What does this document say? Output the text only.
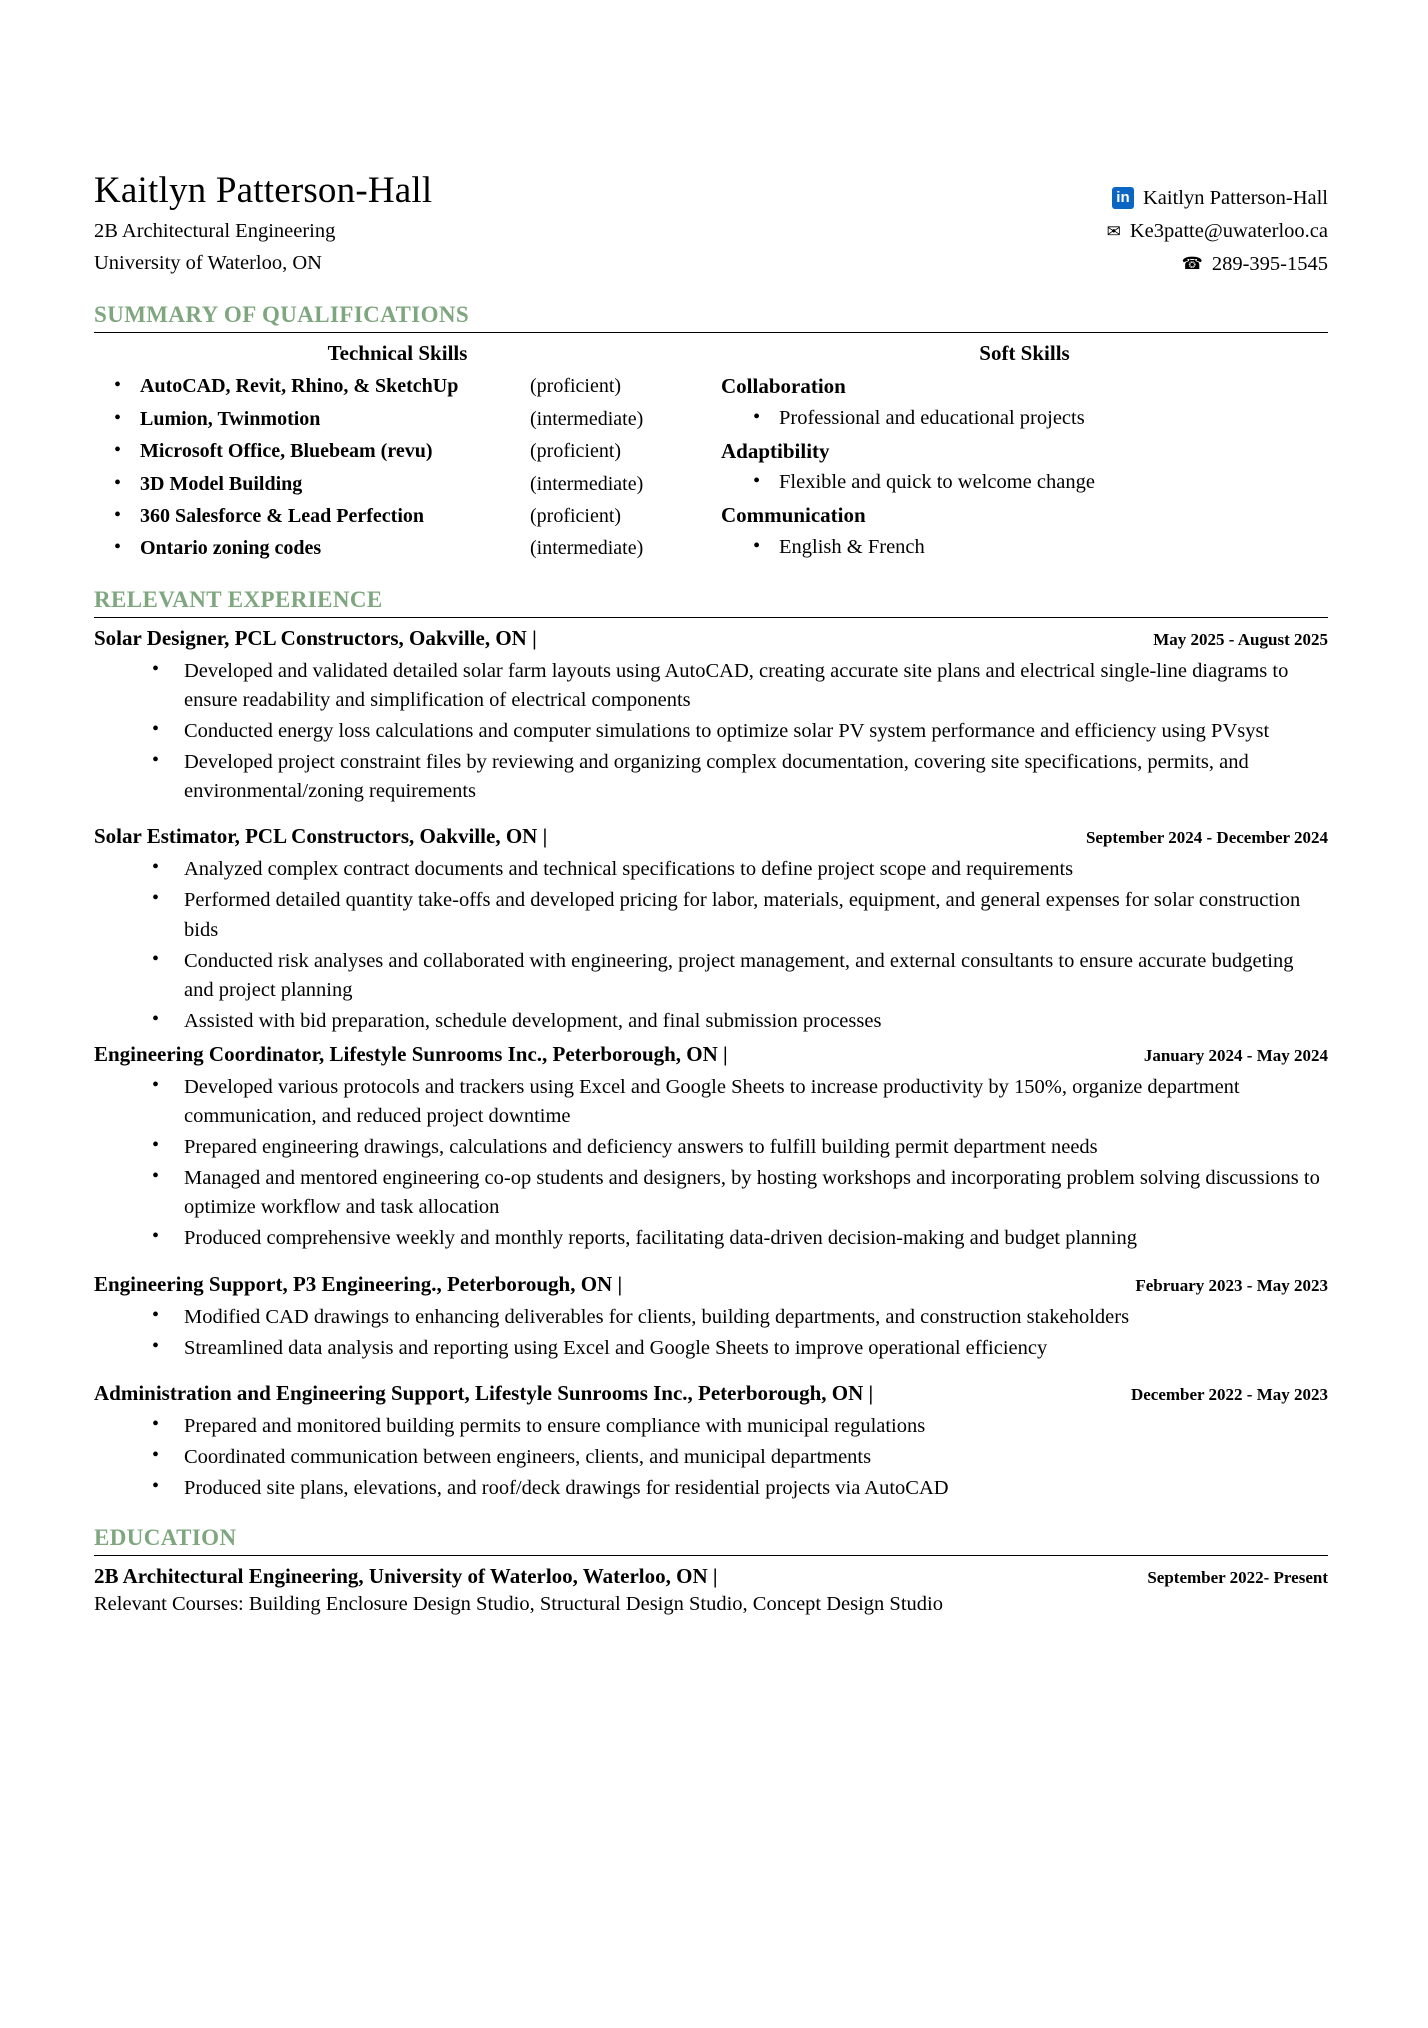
Kaitlyn Patterson-Hall
2B Architectural Engineering
University of Waterloo, ON
in
Kaitlyn Patterson-Hall
✉ Ke3patte@uwaterloo.ca
☎ 289-395-1545
SUMMARY OF QUALIFICATIONS
Technical Skills
• AutoCAD, Revit, Rhino, & SketchUp	(proficient)
• Lumion, Twinmotion	(intermediate)
• Microsoft Office, Bluebeam (revu)	(proficient)
• 3D Model Building	(intermediate)
• 360 Salesforce & Lead Perfection	(proficient)
• Ontario zoning codes	(intermediate)
Soft Skills
Collaboration
• Professional and educational projects
Adaptibility
• Flexible and quick to welcome change
Communication
• English & French
RELEVANT EXPERIENCE
Solar Designer, PCL Constructors, Oakville, ON |	May 2025 - August 2025
• Developed and validated detailed solar farm layouts using AutoCAD, creating accurate site plans and electrical single-line diagrams to ensure readability and simplification of electrical components
• Conducted energy loss calculations and computer simulations to optimize solar PV system performance and efficiency using PVsyst
• Developed project constraint files by reviewing and organizing complex documentation, covering site specifications, permits, and environmental/zoning requirements
Solar Estimator, PCL Constructors, Oakville, ON |	September 2024 - December 2024
• Analyzed complex contract documents and technical specifications to define project scope and requirements
• Performed detailed quantity take-offs and developed pricing for labor, materials, equipment, and general expenses for solar construction bids
• Conducted risk analyses and collaborated with engineering, project management, and external consultants to ensure accurate budgeting and project planning
• Assisted with bid preparation, schedule development, and final submission processes
Engineering Coordinator, Lifestyle Sunrooms Inc., Peterborough, ON |	January 2024 - May 2024
• Developed various protocols and trackers using Excel and Google Sheets to increase productivity by 150%, organize department communication, and reduced project downtime
• Prepared engineering drawings, calculations and deficiency answers to fulfill building permit department needs
• Managed and mentored engineering co-op students and designers, by hosting workshops and incorporating problem solving discussions to optimize workflow and task allocation
• Produced comprehensive weekly and monthly reports, facilitating data-driven decision-making and budget planning
Engineering Support, P3 Engineering., Peterborough, ON |	February 2023 - May 2023
• Modified CAD drawings to enhancing deliverables for clients, building departments, and construction stakeholders
• Streamlined data analysis and reporting using Excel and Google Sheets to improve operational efficiency
Administration and Engineering Support, Lifestyle Sunrooms Inc., Peterborough, ON |	December 2022 - May 2023
• Prepared and monitored building permits to ensure compliance with municipal regulations
• Coordinated communication between engineers, clients, and municipal departments
• Produced site plans, elevations, and roof/deck drawings for residential projects via AutoCAD
EDUCATION
2B Architectural Engineering, University of Waterloo, Waterloo, ON |	September 2022- Present
Relevant Courses: Building Enclosure Design Studio, Structural Design Studio, Concept Design Studio
